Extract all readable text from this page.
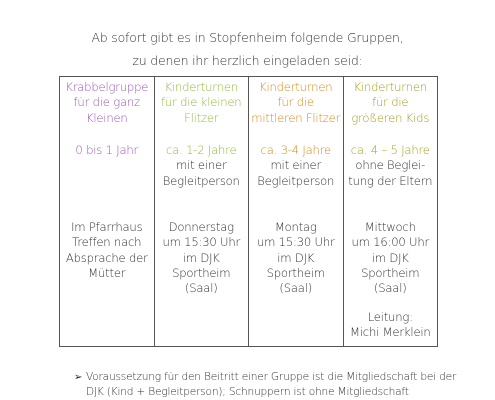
Ab sofort gibt es in Stopfenheim folgende Gruppen,
zu denen ihr herzlich eingeladen seid:
Krabbelgruppe
für die ganz
Kleinen
0 bis 1 Jahr
Im Pfarrhaus
Treffen nach
Absprache der
Mütter
Kinderturnen
für die kleinen
Flitzer
ca. 1-2 Jahre
mit einer
Begleitperson
Donnerstag
um 15:30 Uhr
im DJK
Sportheim
(Saal)
Kinderturnen
für die
mittleren Flitzer
ca. 3-4 Jahre
mit einer
Begleitperson
Montag
um 15:30 Uhr
im DJK
Sportheim
(Saal)
Kinderturnen
für die
größeren Kids
ca. 4 – 5 Jahre
ohne Beglei-
tung der Eltern
Mittwoch
um 16:00 Uhr
im DJK
Sportheim
(Saal)
Leitung:
Michi Merklein
➢ Voraussetzung für den Beitritt einer Gruppe ist die Mitgliedschaft bei der
DJK (Kind + Begleitperson); Schnuppern ist ohne Mitgliedschaft
